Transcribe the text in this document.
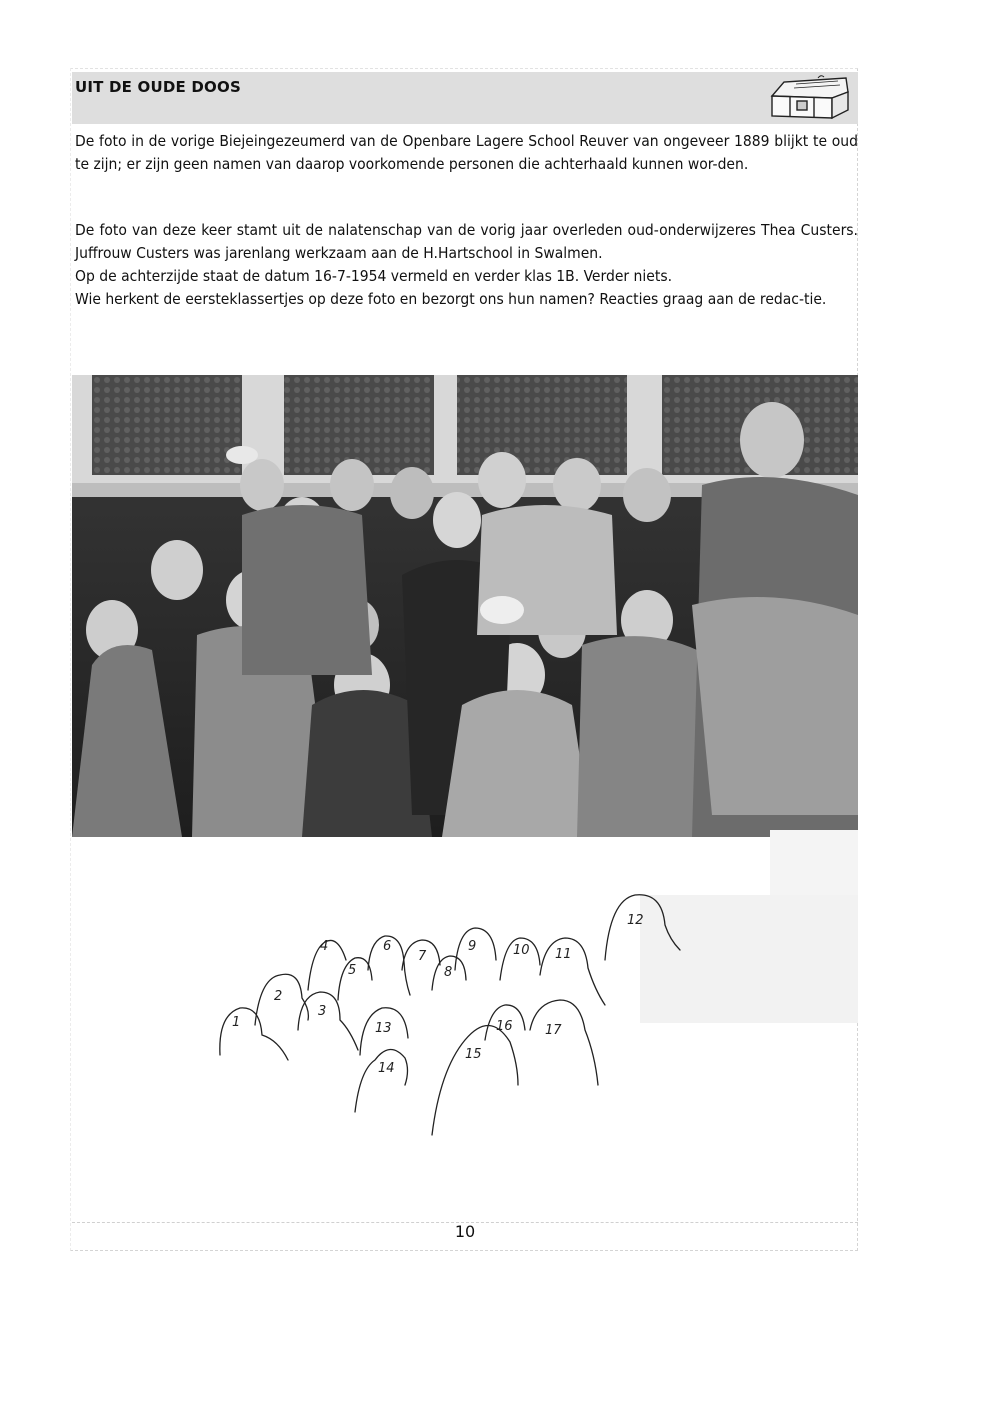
UIT DE OUDE DOOS

De foto in de vorige Biejeingezeumerd van de Openbare Lagere School Reuver van ongeveer 1889 blijkt te oud te zijn; er zijn geen namen van daarop voorkomende personen die achterhaald kunnen wor-den.

De foto van deze keer stamt uit de nalatenschap van de vorig jaar overleden oud-onderwijzeres Thea Custers. Juffrouw Custers was jarenlang werkzaam aan de H.Hartschool in Swalmen.
Op de achterzijde staat de datum 16-7-1954 vermeld en verder klas 1B. Verder niets.
Wie herkent de eersteklassertjes op deze foto en bezorgt ons hun namen? Reacties graag aan de redac-tie.
1
2
3
4
5
6
7
8
9	10 11
12
13
14
15
16 17
10
